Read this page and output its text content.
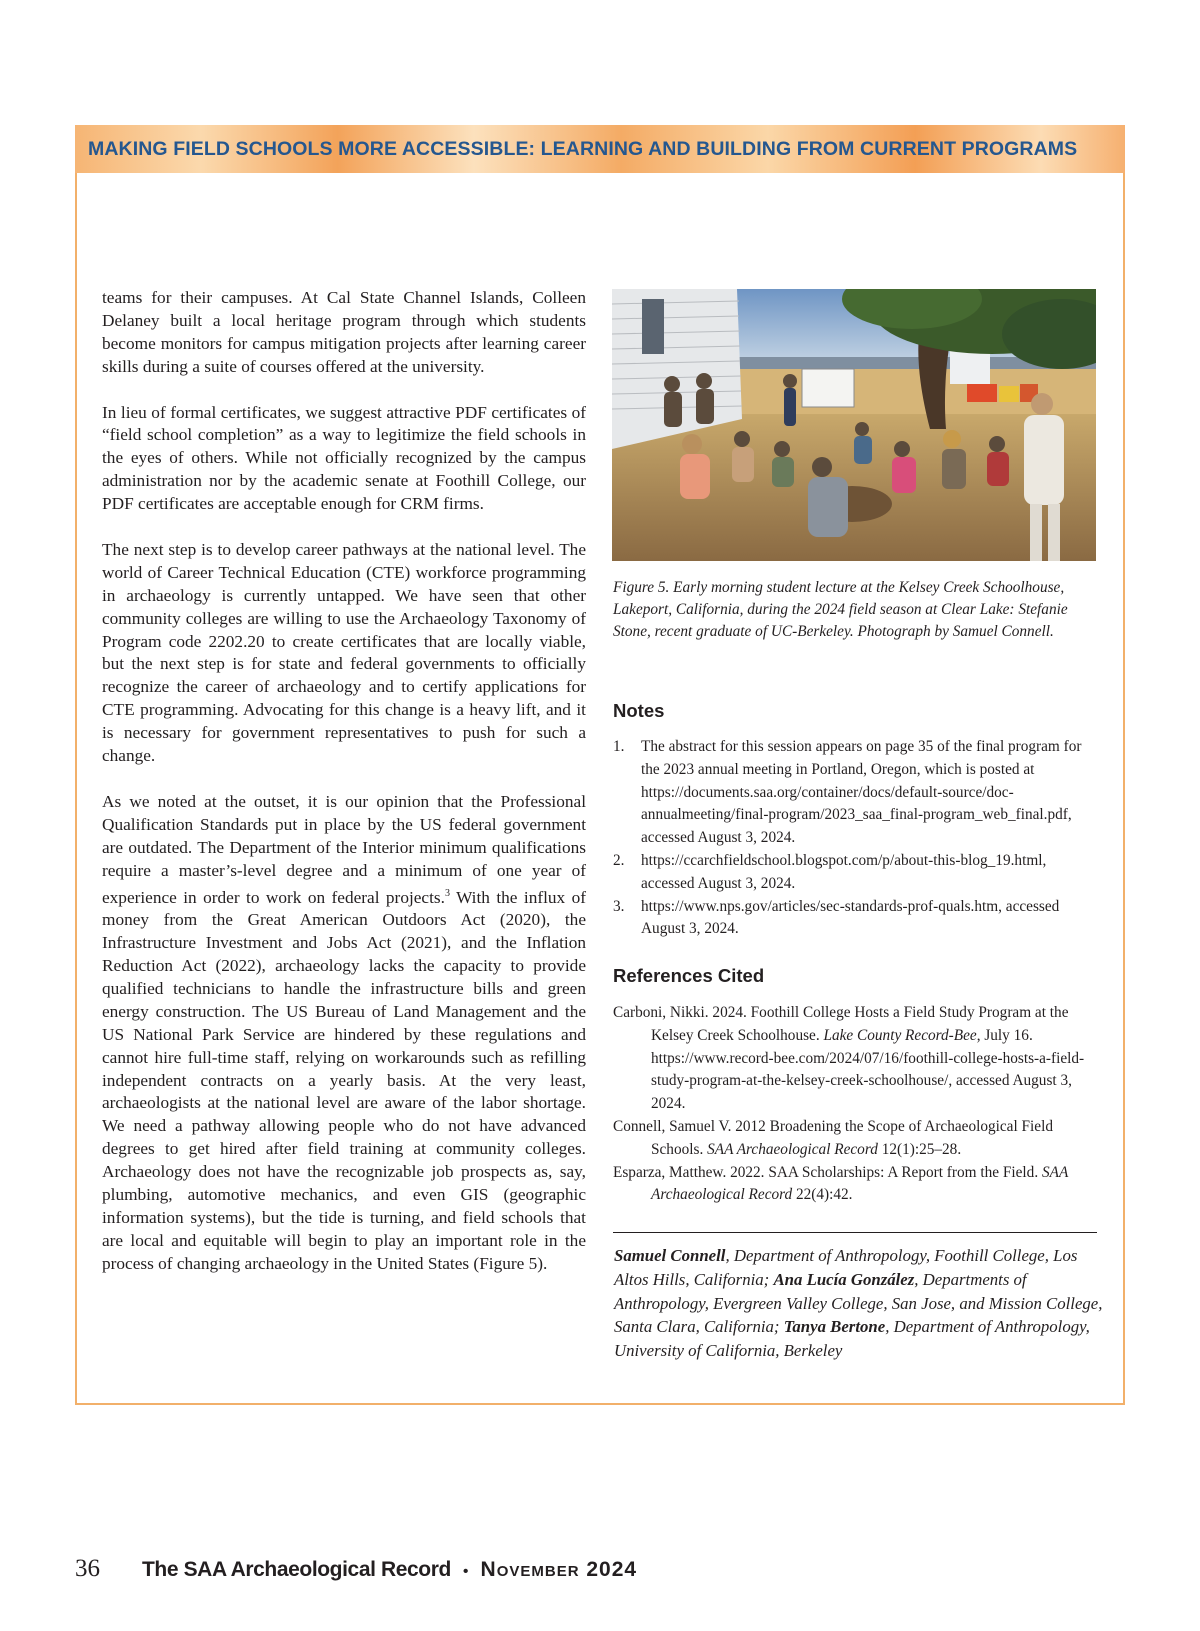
MAKING FIELD SCHOOLS MORE ACCESSIBLE: LEARNING AND BUILDING FROM CURRENT PROGRAMS

teams for their campuses. At Cal State Channel Islands, Colleen Delaney built a local heritage program through which students become monitors for campus mitigation projects after learning career skills during a suite of courses offered at the university.

In lieu of formal certificates, we suggest attractive PDF certificates of “field school completion” as a way to legitimize the field schools in the eyes of others. While not officially recognized by the campus administration nor by the academic senate at Foothill College, our PDF certificates are acceptable enough for CRM firms.

The next step is to develop career pathways at the national level. The world of Career Technical Education (CTE) workforce programming in archaeology is currently untapped. We have seen that other community colleges are willing to use the Archaeology Taxonomy of Program code 2202.20 to create certificates that are locally viable, but the next step is for state and federal governments to officially recognize the career of archaeology and to certify applications for CTE programming. Advocating for this change is a heavy lift, and it is necessary for government representatives to push for such a change.

As we noted at the outset, it is our opinion that the Professional Qualification Standards put in place by the US federal government are outdated. The Department of the Interior minimum qualifications require a master’s-level degree and a minimum of one year of experience in order to work on federal projects.$^3$ With the influx of money from the Great American Outdoors Act (2020), the Infrastructure Investment and Jobs Act (2021), and the Inflation Reduction Act (2022), archaeology lacks the capacity to provide qualified technicians to handle the infrastructure bills and green energy construction. The US Bureau of Land Management and the US National Park Service are hindered by these regulations and cannot hire full-time staff, relying on workarounds such as refilling independent contracts on a yearly basis. At the very least, archaeologists at the national level are aware of the labor shortage. We need a pathway allowing people who do not have advanced degrees to get hired after field training at community colleges. Archaeology does not have the recognizable job prospects as, say, plumbing, automotive mechanics, and even GIS (geographic information systems), but the tide is turning, and field schools that are local and equitable will begin to play an important role in the process of changing archaeology in the United States (Figure 5).

Figure 5. Early morning student lecture at the Kelsey Creek Schoolhouse, Lakeport, California, during the 2024 field season at Clear Lake: Stefanie Stone, recent graduate of UC-Berkeley. Photograph by Samuel Connell.
Notes
1. The abstract for this session appears on page 35 of the final program for the 2023 annual meeting in Portland, Oregon, which is posted at https://documents.saa.org/container/docs/default-source/doc-annualmeeting/final-program/2023_saa_final-program_web_final.pdf, accessed August 3, 2024.
2. https://ccarchfieldschool.blogspot.com/p/about-this-blog_19.html, accessed August 3, 2024.
3. https://www.nps.gov/articles/sec-standards-prof-quals.htm, accessed August 3, 2024.
References Cited

Carboni, Nikki. 2024. Foothill College Hosts a Field Study Program at the Kelsey Creek Schoolhouse. Lake County Record-Bee, July 16. https://www.record-bee.com/2024/07/16/foothill-college-hosts-a-field-study-program-at-the-kelsey-creek-schoolhouse/, accessed August 3, 2024.

Connell, Samuel V. 2012 Broadening the Scope of Archaeological Field Schools. SAA Archaeological Record 12(1):25–28.

Esparza, Matthew. 2022. SAA Scholarships: A Report from the Field. SAA Archaeological Record 22(4):42.

Samuel Connell, Department of Anthropology, Foothill College, Los Altos Hills, California; Ana Lucía González, Departments of Anthropology, Evergreen Valley College, San Jose, and Mission College, Santa Clara, California; Tanya Bertone, Department of Anthropology, University of California, Berkeley
36 The SAA Archaeological Record • November 2024
